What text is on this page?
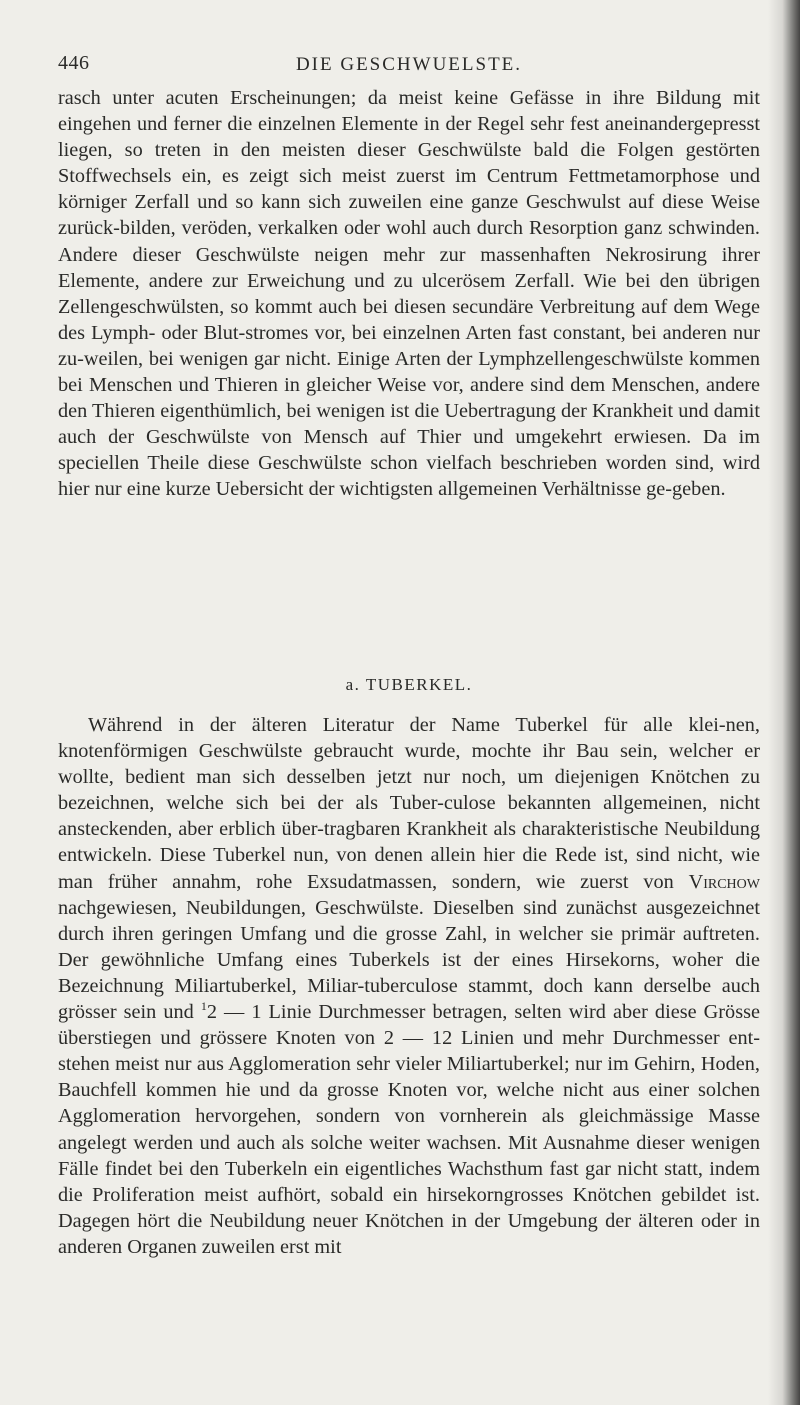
446	DIE GESCHWUELSTE.

rasch unter acuten Erscheinungen; da meist keine Gefässe in ihre Bildung mit eingehen und ferner die einzelnen Elemente in der Regel sehr fest aneinandergepresst liegen, so treten in den meisten dieser Geschwülste bald die Folgen gestörten Stoffwechsels ein, es zeigt sich meist zuerst im Centrum Fettmetamorphose und körniger Zerfall und so kann sich zuweilen eine ganze Geschwulst auf diese Weise zurück-bilden, veröden, verkalken oder wohl auch durch Resorption ganz schwinden. Andere dieser Geschwülste neigen mehr zur massenhaften Nekrosirung ihrer Elemente, andere zur Erweichung und zu ulcerösem Zerfall. Wie bei den übrigen Zellengeschwülsten, so kommt auch bei diesen secundäre Verbreitung auf dem Wege des Lymph- oder Blut-stromes vor, bei einzelnen Arten fast constant, bei anderen nur zu-weilen, bei wenigen gar nicht. Einige Arten der Lymphzellengeschwülste kommen bei Menschen und Thieren in gleicher Weise vor, andere sind dem Menschen, andere den Thieren eigenthümlich, bei wenigen ist die Uebertragung der Krankheit und damit auch der Geschwülste von Mensch auf Thier und umgekehrt erwiesen. Da im speciellen Theile diese Geschwülste schon vielfach beschrieben worden sind, wird hier nur eine kurze Uebersicht der wichtigsten allgemeinen Verhältnisse ge-geben.

a. TUBERKEL.

Während in der älteren Literatur der Name Tuberkel für alle klei-nen, knotenförmigen Geschwülste gebraucht wurde, mochte ihr Bau sein, welcher er wollte, bedient man sich desselben jetzt nur noch, um diejenigen Knötchen zu bezeichnen, welche sich bei der als Tuber-culose bekannten allgemeinen, nicht ansteckenden, aber erblich über-tragbaren Krankheit als charakteristische Neubildung entwickeln. Diese Tuberkel nun, von denen allein hier die Rede ist, sind nicht, wie man früher annahm, rohe Exsudatmassen, sondern, wie zuerst von Virchow nachgewiesen, Neubildungen, Geschwülste. Dieselben sind zunächst ausgezeichnet durch ihren geringen Umfang und die grosse Zahl, in welcher sie primär auftreten. Der gewöhnliche Umfang eines Tuberkels ist der eines Hirsekorns, woher die Bezeichnung Miliartuberkel, Miliar-tuberculose stammt, doch kann derselbe auch grösser sein und $^1$2 — 1 Linie Durchmesser betragen, selten wird aber diese Grösse überstiegen und grössere Knoten von 2 — 12 Linien und mehr Durchmesser ent-stehen meist nur aus Agglomeration sehr vieler Miliartuberkel; nur im Gehirn, Hoden, Bauchfell kommen hie und da grosse Knoten vor, welche nicht aus einer solchen Agglomeration hervorgehen, sondern von vornherein als gleichmässige Masse angelegt werden und auch als solche weiter wachsen. Mit Ausnahme dieser wenigen Fälle findet bei den Tuberkeln ein eigentliches Wachsthum fast gar nicht statt, indem die Proliferation meist aufhört, sobald ein hirsekorngrosses Knötchen gebildet ist. Dagegen hört die Neubildung neuer Knötchen in der Umgebung der älteren oder in anderen Organen zuweilen erst mit
